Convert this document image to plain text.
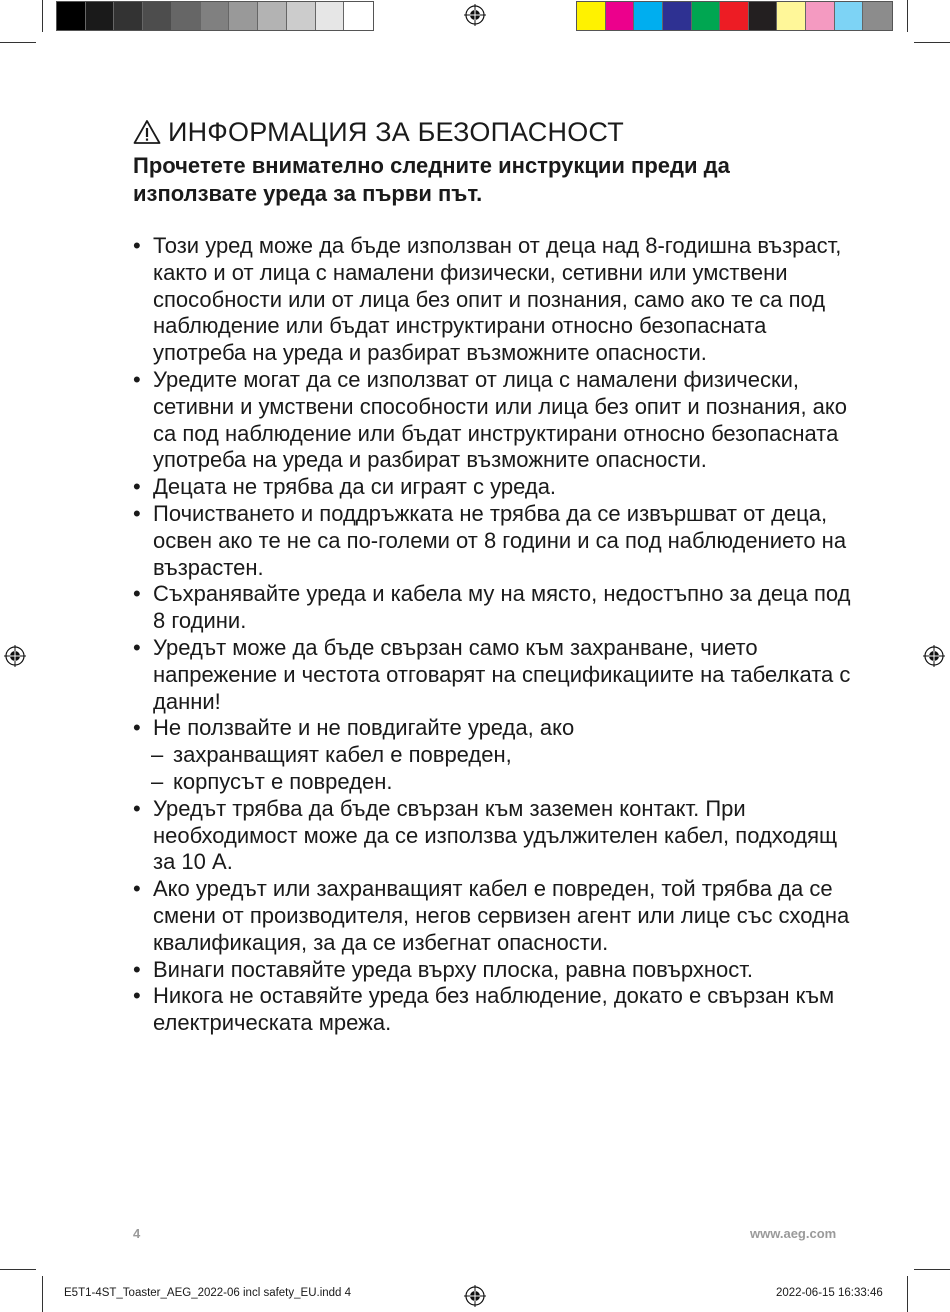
ИНФОРМАЦИЯ ЗА БЕЗОПАСНОСТ

Прочетете внимателно следните инструкции преди да използвате уреда за първи път.

• Този уред може да бъде използван от деца над 8-годишна възраст, както и от лица с намалени физически, сетивни или умствени способности или от лица без опит и познания, само ако те са под наблюдение или бъдат инструктирани относно безопасната употреба на уреда и разбират възможните опасности.
• Уредите могат да се използват от лица с намалени физически, сетивни и умствени способности или лица без опит и познания, ако са под наблюдение или бъдат инструктирани относно безопасната употреба на уреда и разбират възможните опасности.
• Децата не трябва да си играят с уреда.
• Почистването и поддръжката не трябва да се извършват от деца, освен ако те не са по-големи от 8 години и са под наблюдението на възрастен.
• Съхранявайте уреда и кабела му на място, недостъпно за деца под 8 години.
• Уредът може да бъде свързан само към захранване, чието напрежение и честота отговарят на спецификациите на табелката с данни!
• Не ползвайте и не повдигайте уреда, ако
– захранващият кабел е повреден,
– корпусът е повреден.
• Уредът трябва да бъде свързан към заземен контакт. При необходимост може да се използва удължителен кабел, подходящ за 10 A.
• Ако уредът или захранващият кабел е повреден, той трябва да се смени от производителя, негов сервизен агент или лице със сходна квалификация, за да се избегнат опасности.
• Винаги поставяйте уреда върху плоска, равна повърхност.
• Никога не оставяйте уреда без наблюдение, докато е свързан към електрическата мрежа.
4	www.aeg.com
E5T1-4ST_Toaster_AEG_2022-06 incl safety_EU.indd 4	2022-06-15 16:33:46
